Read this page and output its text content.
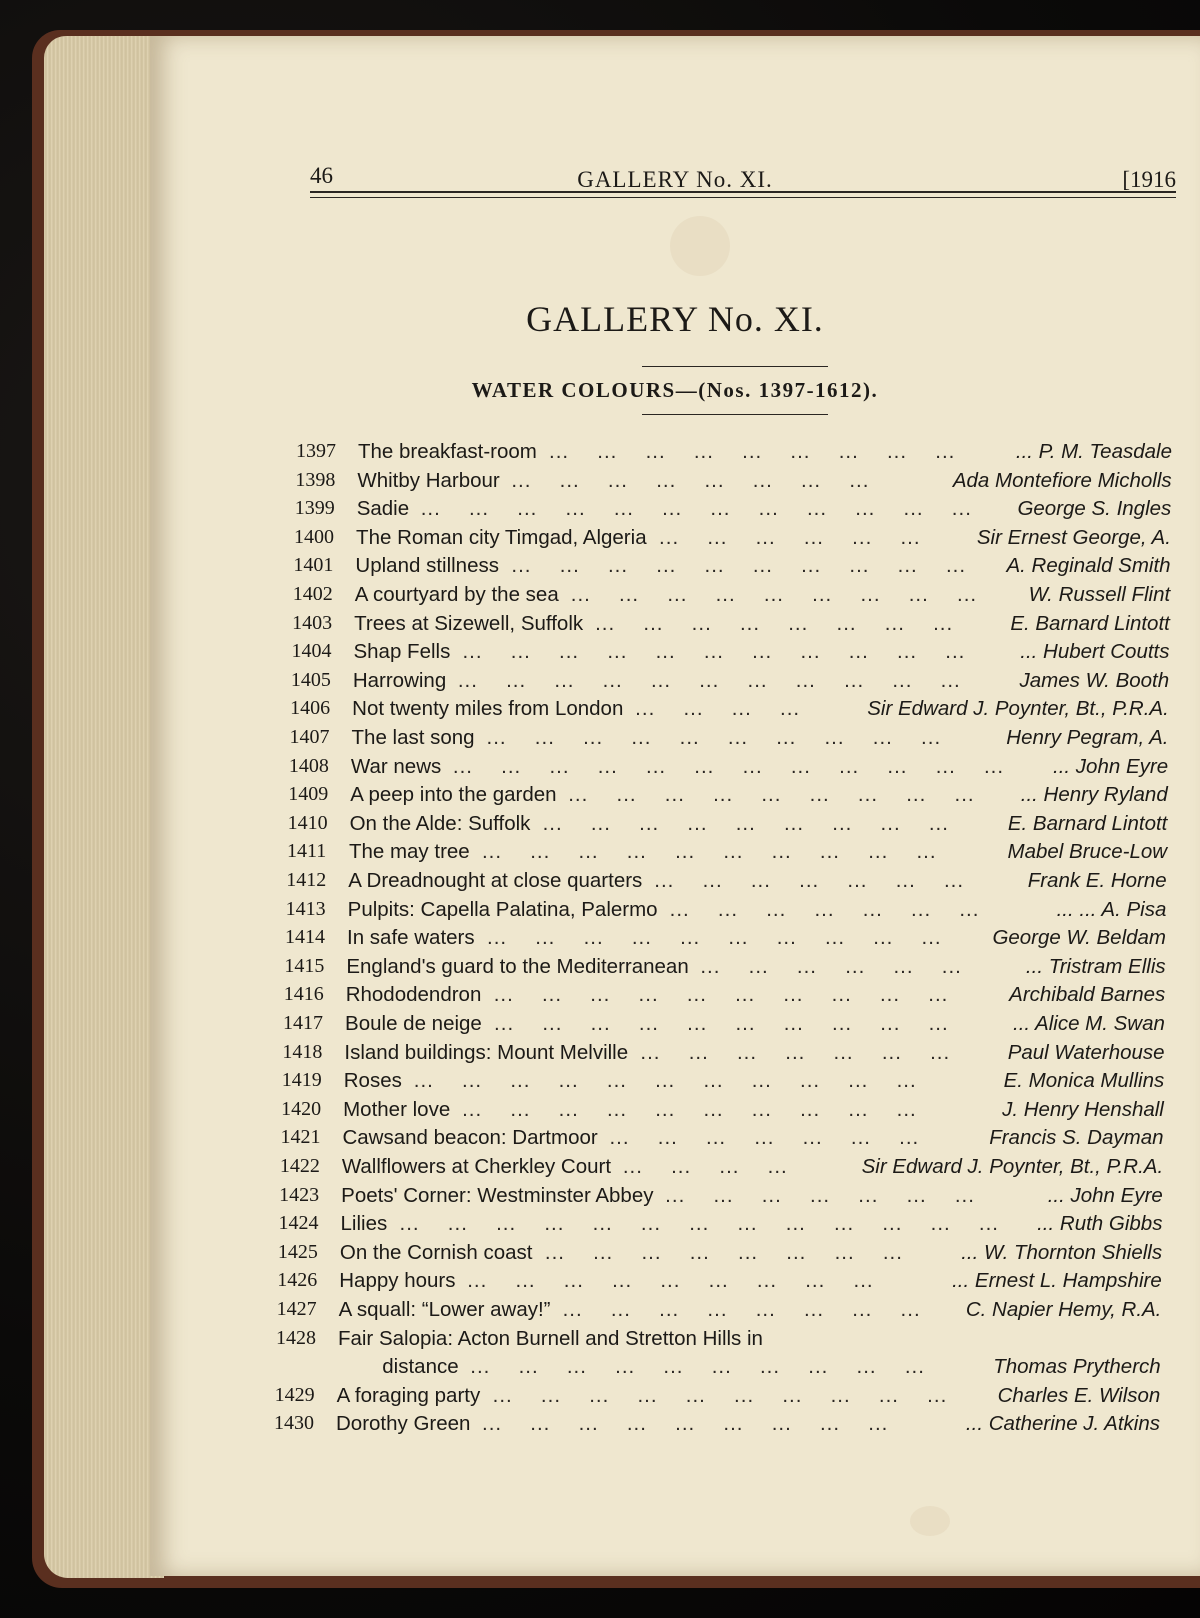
46	GALLERY No. XI.	[1916
GALLERY No. XI.
WATER COLOURS—(Nos. 1397-1612).
1397 The breakfast-room	... P. M. Teasdale
...  ...  ...  ...  ...  ...  ...  ...  ...
1398 Whitby Harbour	Ada Montefiore Micholls
...  ...  ...  ...  ...  ...  ...  ...
1399 Sadie	George S. Ingles
...  ...  ...  ...  ...  ...  ...  ...  ...  ...  ...  ...
1400 The Roman city Timgad, Algeria	Sir Ernest George, A.
...  ...  ...  ...  ...  ...
1401 Upland stillness	A. Reginald Smith
...  ...  ...  ...  ...  ...  ...  ...  ...  ...
1402 A courtyard by the sea	W. Russell Flint
...  ...  ...  ...  ...  ...  ...  ...  ...
1403 Trees at Sizewell, Suffolk	E. Barnard Lintott
...  ...  ...  ...  ...  ...  ...  ...
1404 Shap Fells	... Hubert Coutts
...  ...  ...  ...  ...  ...  ...  ...  ...  ...  ...
1405 Harrowing	James W. Booth
...  ...  ...  ...  ...  ...  ...  ...  ...  ...  ...
1406 Not twenty miles from London	Sir Edward J. Poynter, Bt., P.R.A.
...  ...  ...  ...
1407 The last song	Henry Pegram, A.
...  ...  ...  ...  ...  ...  ...  ...  ...  ...
1408 War news	... John Eyre
...  ...  ...  ...  ...  ...  ...  ...  ...  ...  ...  ...
1409 A peep into the garden	... Henry Ryland
...  ...  ...  ...  ...  ...  ...  ...  ...
1410 On the Alde: Suffolk	E. Barnard Lintott
...  ...  ...  ...  ...  ...  ...  ...  ...
1411 The may tree	Mabel Bruce-Low
...  ...  ...  ...  ...  ...  ...  ...  ...  ...
1412 A Dreadnought at close quarters	Frank E. Horne
...  ...  ...  ...  ...  ...  ...
1413 Pulpits: Capella Palatina, Palermo	... ... A. Pisa
...  ...  ...  ...  ...  ...  ...
1414 In safe waters	George W. Beldam
...  ...  ...  ...  ...  ...  ...  ...  ...  ...
1415 England's guard to the Mediterranean	... Tristram Ellis
...  ...  ...  ...  ...  ...
1416 Rhododendron	Archibald Barnes
...  ...  ...  ...  ...  ...  ...  ...  ...  ...
1417 Boule de neige	... Alice M. Swan
...  ...  ...  ...  ...  ...  ...  ...  ...  ...
1418 Island buildings: Mount Melville	Paul Waterhouse
...  ...  ...  ...  ...  ...  ...
1419 Roses	E. Monica Mullins
...  ...  ...  ...  ...  ...  ...  ...  ...  ...  ...
1420 Mother love	J. Henry Henshall
...  ...  ...  ...  ...  ...  ...  ...  ...  ...
1421 Cawsand beacon: Dartmoor	Francis S. Dayman
...  ...  ...  ...  ...  ...  ...
1422 Wallflowers at Cherkley Court	Sir Edward J. Poynter, Bt., P.R.A.
...  ...  ...  ...
1423 Poets' Corner: Westminster Abbey	... John Eyre
...  ...  ...  ...  ...  ...  ...
1424 Lilies	... Ruth Gibbs
...  ...  ...  ...  ...  ...  ...  ...  ...  ...  ...  ...  ...
1425 On the Cornish coast	... W. Thornton Shiells
...  ...  ...  ...  ...  ...  ...  ...
1426 Happy hours	... Ernest L. Hampshire
...  ...  ...  ...  ...  ...  ...  ...  ...
1427 A squall: “Lower away!”	C. Napier Hemy, R.A.
...  ...  ...  ...  ...  ...  ...  ...
1428 Fair Salopia: Acton Burnell and Stretton Hills in
distance	Thomas Prytherch
...  ...  ...  ...  ...  ...  ...  ...  ...  ...
1429 A foraging party	Charles E. Wilson
...  ...  ...  ...  ...  ...  ...  ...  ...  ...
1430 Dorothy Green	... Catherine J. Atkins
...  ...  ...  ...  ...  ...  ...  ...  ...
